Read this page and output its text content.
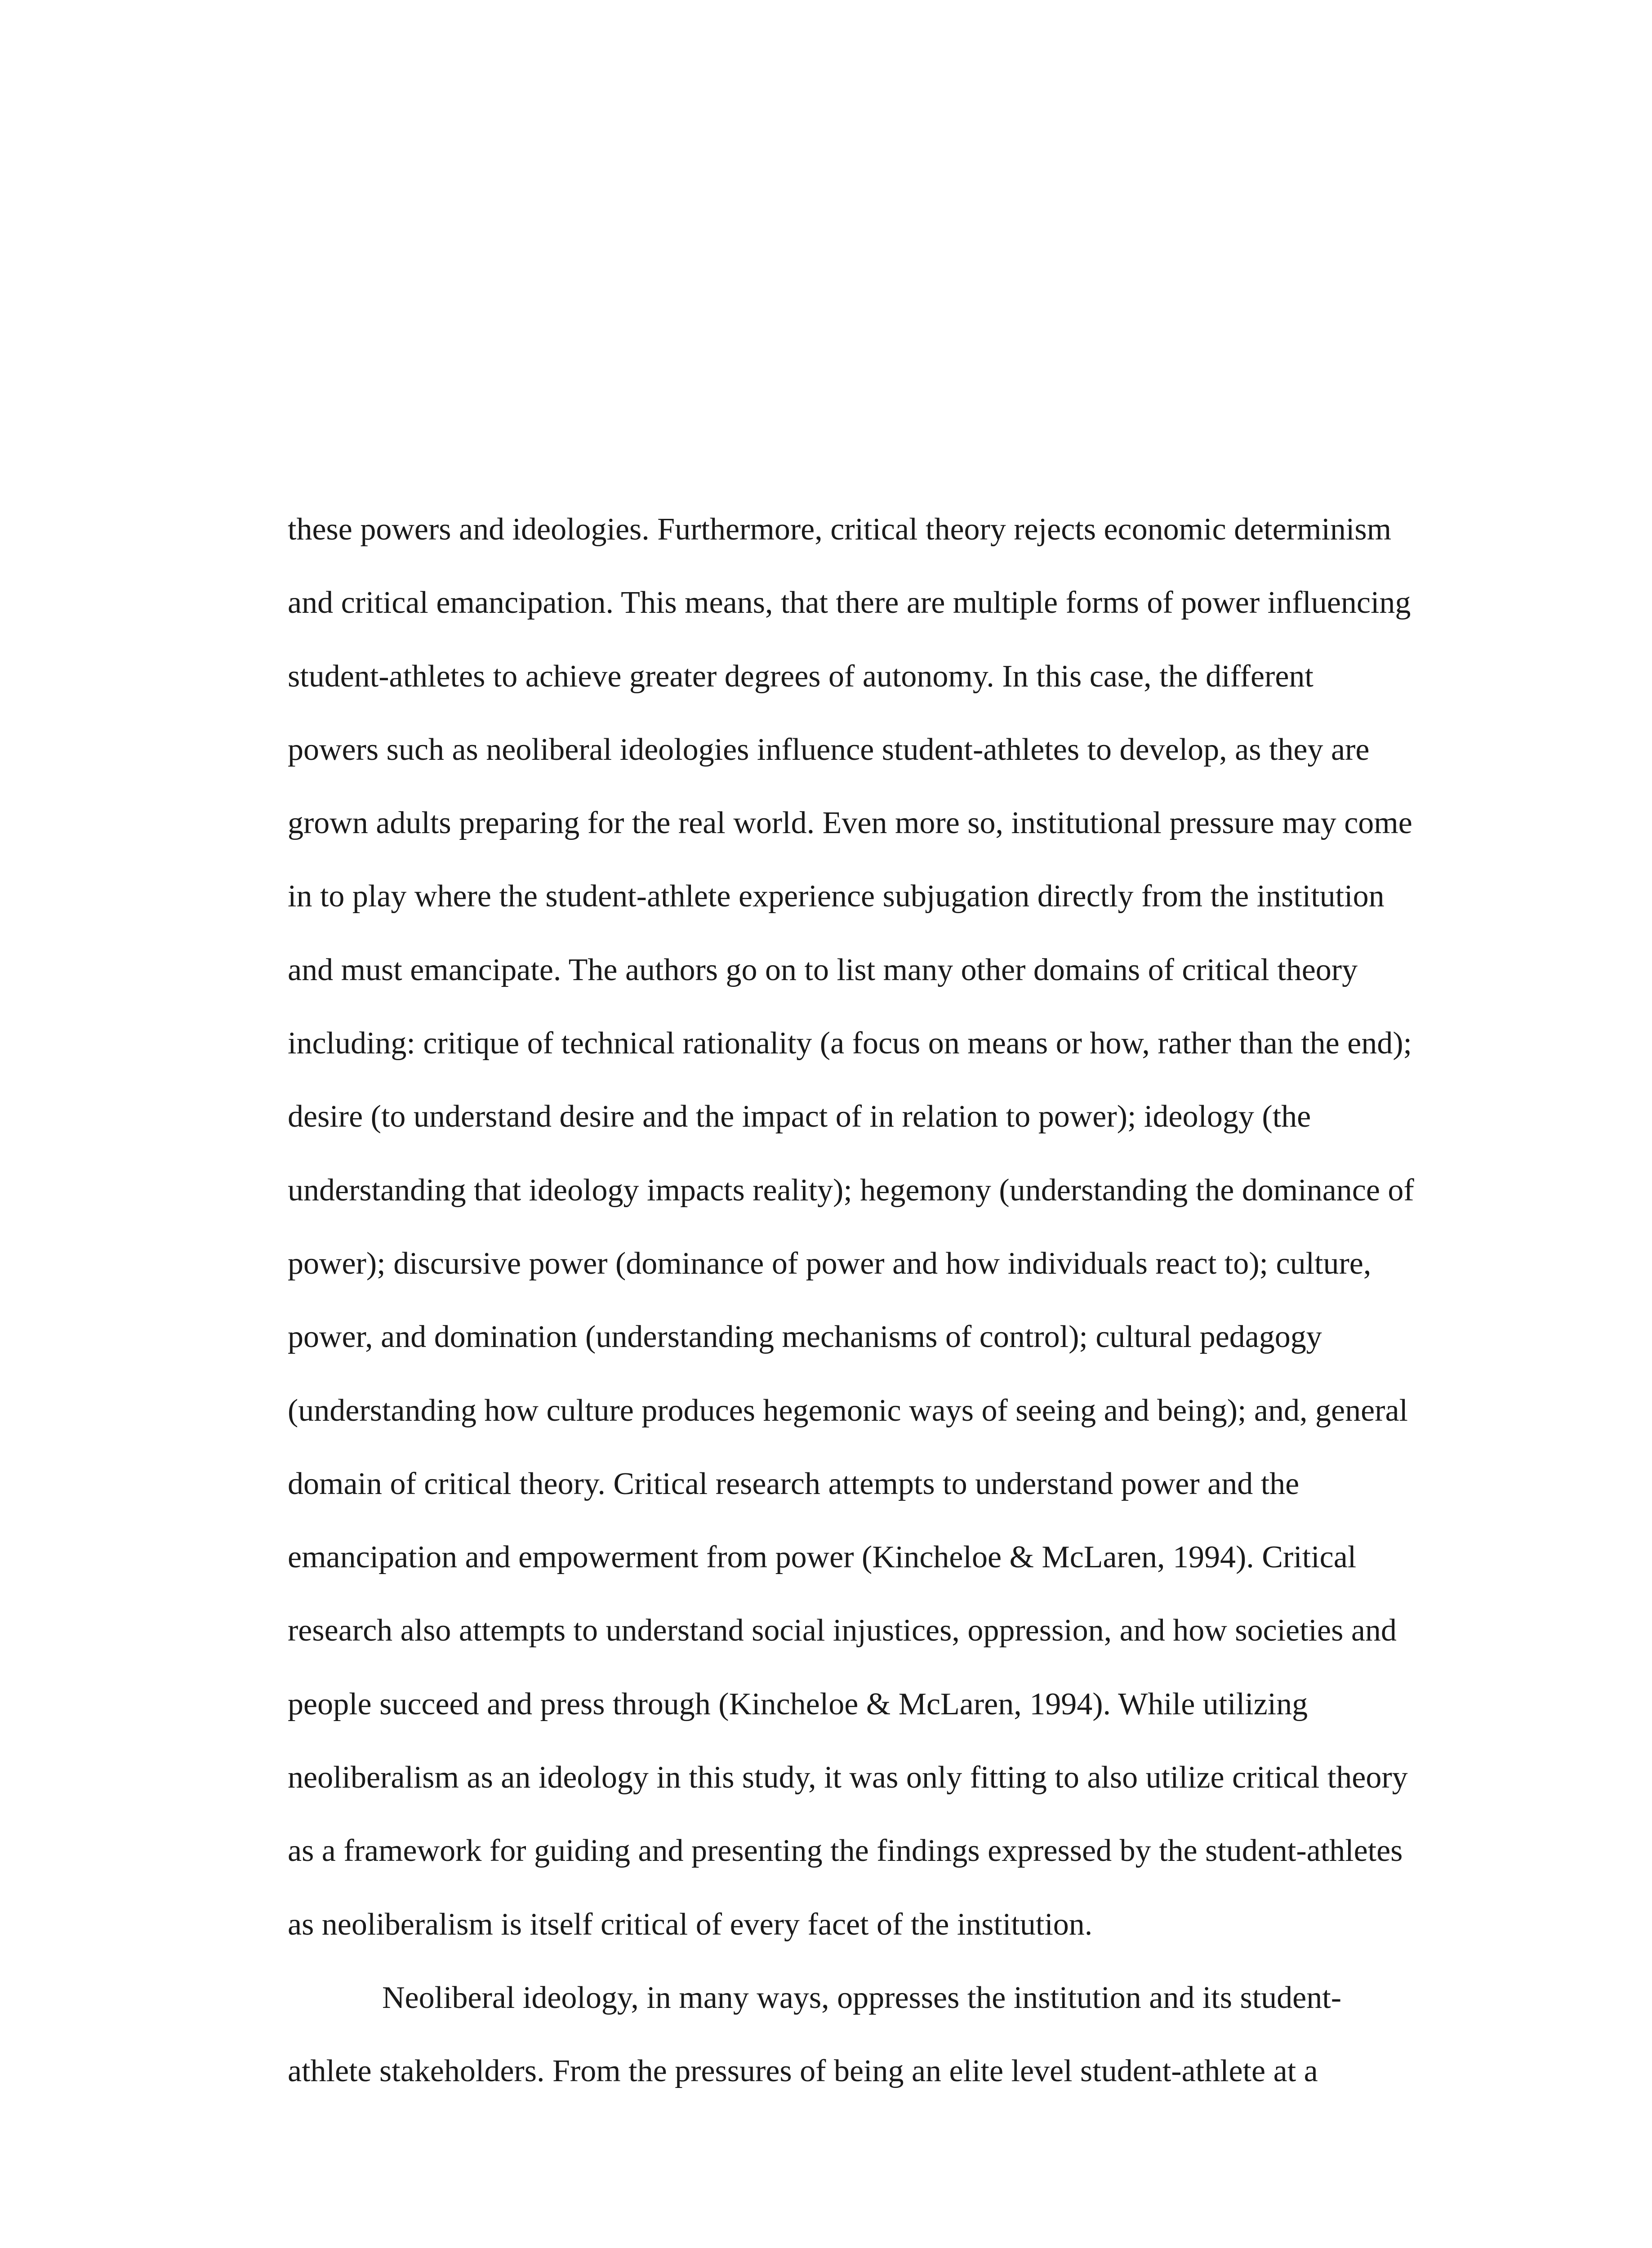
these powers and ideologies. Furthermore, critical theory rejects economic determinism
and critical emancipation. This means, that there are multiple forms of power influencing
student-athletes to achieve greater degrees of autonomy. In this case, the different
powers such as neoliberal ideologies influence student-athletes to develop, as they are
grown adults preparing for the real world. Even more so, institutional pressure may come
in to play where the student-athlete experience subjugation directly from the institution
and must emancipate. The authors go on to list many other domains of critical theory
including: critique of technical rationality (a focus on means or how, rather than the end);
desire (to understand desire and the impact of in relation to power); ideology (the
understanding that ideology impacts reality); hegemony (understanding the dominance of
power); discursive power (dominance of power and how individuals react to); culture,
power, and domination (understanding mechanisms of control); cultural pedagogy
(understanding how culture produces hegemonic ways of seeing and being); and, general
domain of critical theory. Critical research attempts to understand power and the
emancipation and empowerment from power (Kincheloe & McLaren, 1994). Critical
research also attempts to understand social injustices, oppression, and how societies and
people succeed and press through (Kincheloe & McLaren, 1994). While utilizing
neoliberalism as an ideology in this study, it was only fitting to also utilize critical theory
as a framework for guiding and presenting the findings expressed by the student-athletes
as neoliberalism is itself critical of every facet of the institution.
Neoliberal ideology, in many ways, oppresses the institution and its student-
athlete stakeholders. From the pressures of being an elite level student-athlete at a
